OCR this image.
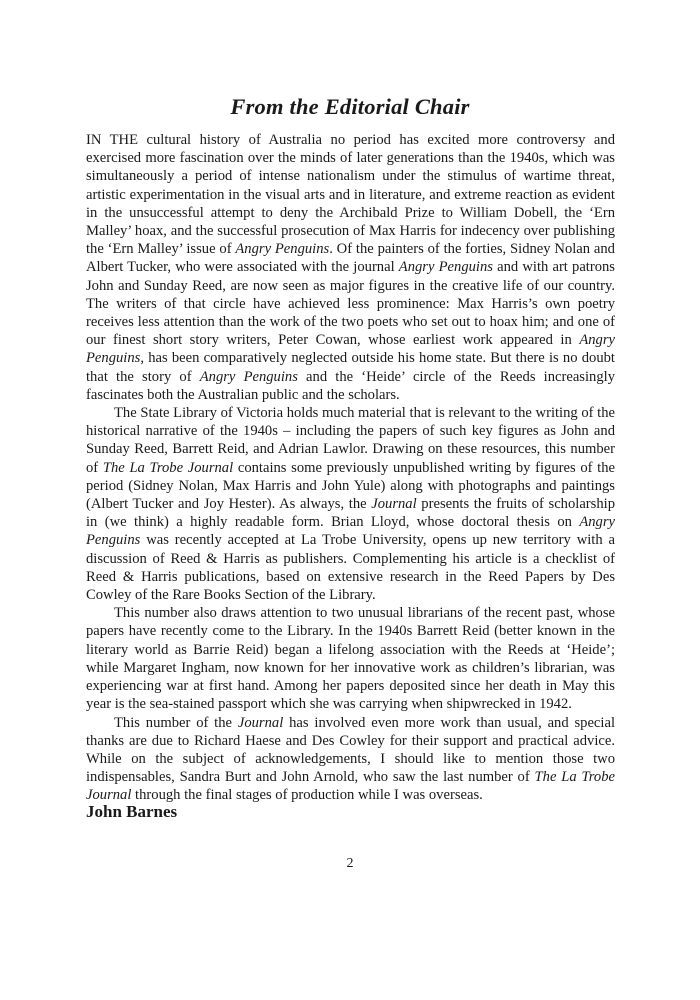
From the Editorial Chair

IN THE cultural history of Australia no period has excited more controversy and exercised more fascination over the minds of later generations than the 1940s, which was simultaneously a period of intense nationalism under the stimulus of wartime threat, artistic experimentation in the visual arts and in literature, and extreme reaction as evident in the unsuccessful attempt to deny the Archibald Prize to William Dobell, the ‘Ern Malley’ hoax, and the successful prosecution of Max Harris for indecency over publishing the ‘Ern Malley’ issue of Angry Penguins. Of the painters of the forties, Sidney Nolan and Albert Tucker, who were associated with the journal Angry Penguins and with art patrons John and Sunday Reed, are now seen as major figures in the creative life of our country. The writers of that circle have achieved less prominence: Max Harris’s own poetry receives less attention than the work of the two poets who set out to hoax him; and one of our finest short story writers, Peter Cowan, whose earliest work appeared in Angry Penguins, has been comparatively neglected outside his home state. But there is no doubt that the story of Angry Penguins and the ‘Heide’ circle of the Reeds increasingly fascinates both the Australian public and the scholars.

The State Library of Victoria holds much material that is relevant to the writing of the historical narrative of the 1940s – including the papers of such key figures as John and Sunday Reed, Barrett Reid, and Adrian Lawlor. Drawing on these resources, this number of The La Trobe Journal contains some previously unpublished writing by figures of the period (Sidney Nolan, Max Harris and John Yule) along with photographs and paintings (Albert Tucker and Joy Hester). As always, the Journal presents the fruits of scholarship in (we think) a highly readable form. Brian Lloyd, whose doctoral thesis on Angry Penguins was recently accepted at La Trobe University, opens up new territory with a discussion of Reed & Harris as publishers. Complementing his article is a checklist of Reed & Harris publications, based on extensive research in the Reed Papers by Des Cowley of the Rare Books Section of the Library.

This number also draws attention to two unusual librarians of the recent past, whose papers have recently come to the Library. In the 1940s Barrett Reid (better known in the literary world as Barrie Reid) began a lifelong association with the Reeds at ‘Heide’; while Margaret Ingham, now known for her innovative work as children’s librarian, was experiencing war at first hand. Among her papers deposited since her death in May this year is the sea-stained passport which she was carrying when shipwrecked in 1942.

This number of the Journal has involved even more work than usual, and special thanks are due to Richard Haese and Des Cowley for their support and practical advice. While on the subject of acknowledgements, I should like to mention those two indispensables, Sandra Burt and John Arnold, who saw the last number of The La Trobe Journal through the final stages of production while I was overseas.

John Barnes
2
